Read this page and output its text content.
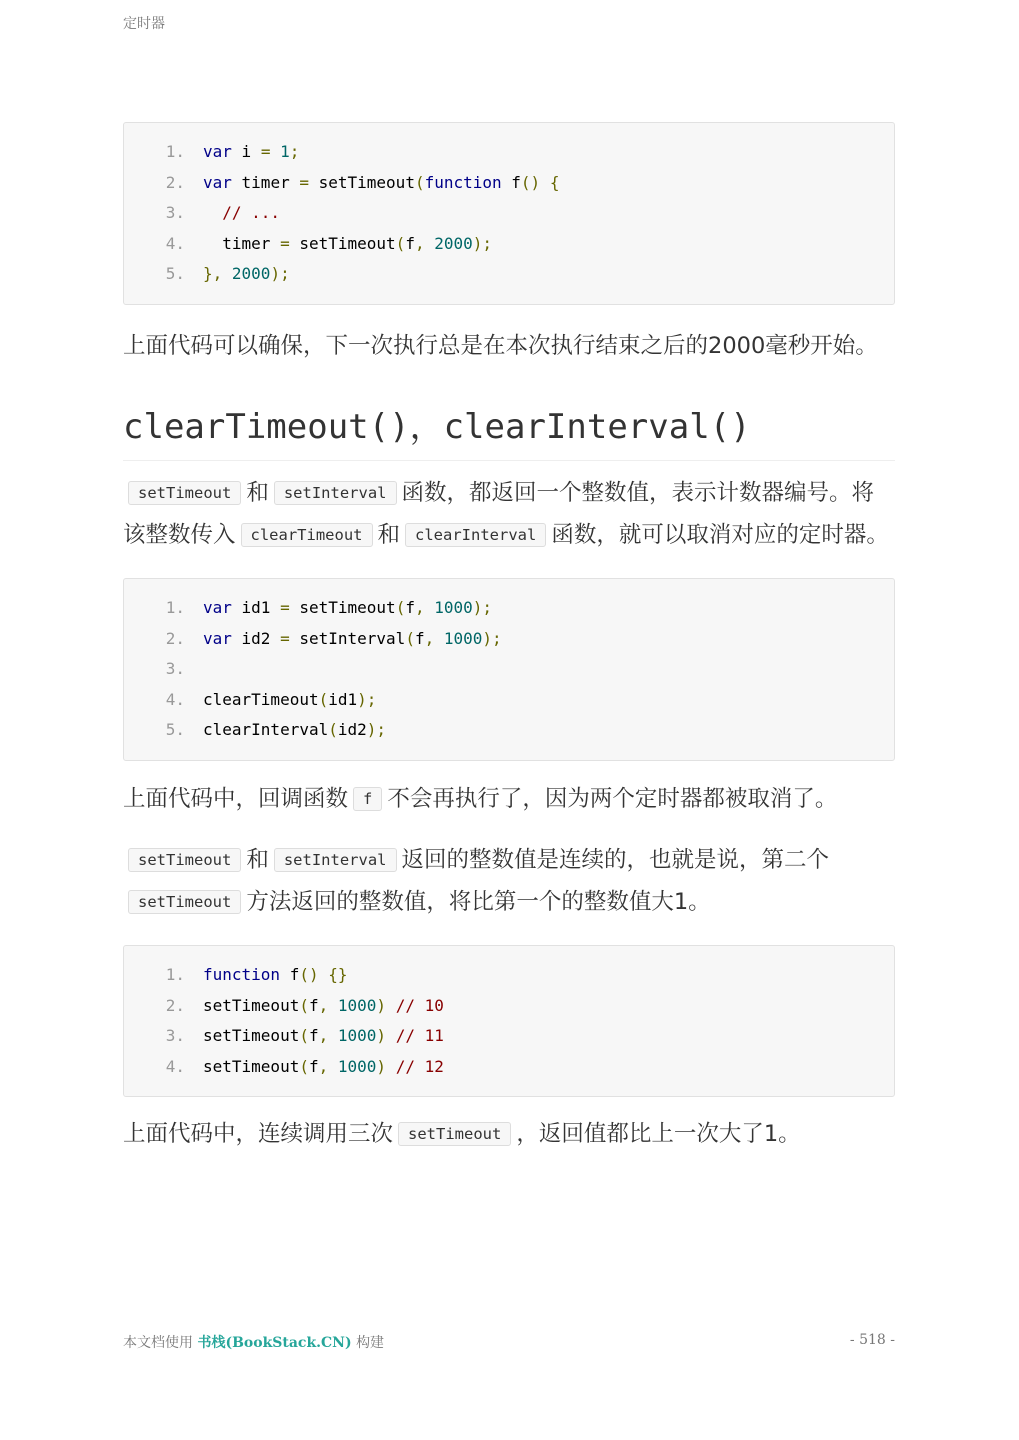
定时器
1. var i = 1;
2. var timer = setTimeout(function f() {
3. // ...
4.  timer = setTimeout(f, 2000);
5. }, 2000);

上面代码可以确保，下一次执行总是在本次执行结束之后的2000毫秒开始。

clearTimeout()，clearInterval()

setTimeout 和 setInterval 函数，都返回一个整数值，表示计数器编号。将该整数传入 clearTimeout 和 clearInterval 函数，就可以取消对应的定时器。

1. var id1 = setTimeout(f, 1000);
2. var id2 = setInterval(f, 1000);
3.
4. clearTimeout(id1);
5. clearInterval(id2);

上面代码中，回调函数 f 不会再执行了，因为两个定时器都被取消了。

setTimeout 和 setInterval 返回的整数值是连续的，也就是说，第二个setTimeout 方法返回的整数值，将比第一个的整数值大1。

1. function f() {}
2. setTimeout(f, 1000) // 10
3. setTimeout(f, 1000) // 11
4. setTimeout(f, 1000) // 12

上面代码中，连续调用三次 setTimeout ，返回值都比上一次大了1。

本文档使用 书栈(BookStack.CN) 构建	- 518 -
